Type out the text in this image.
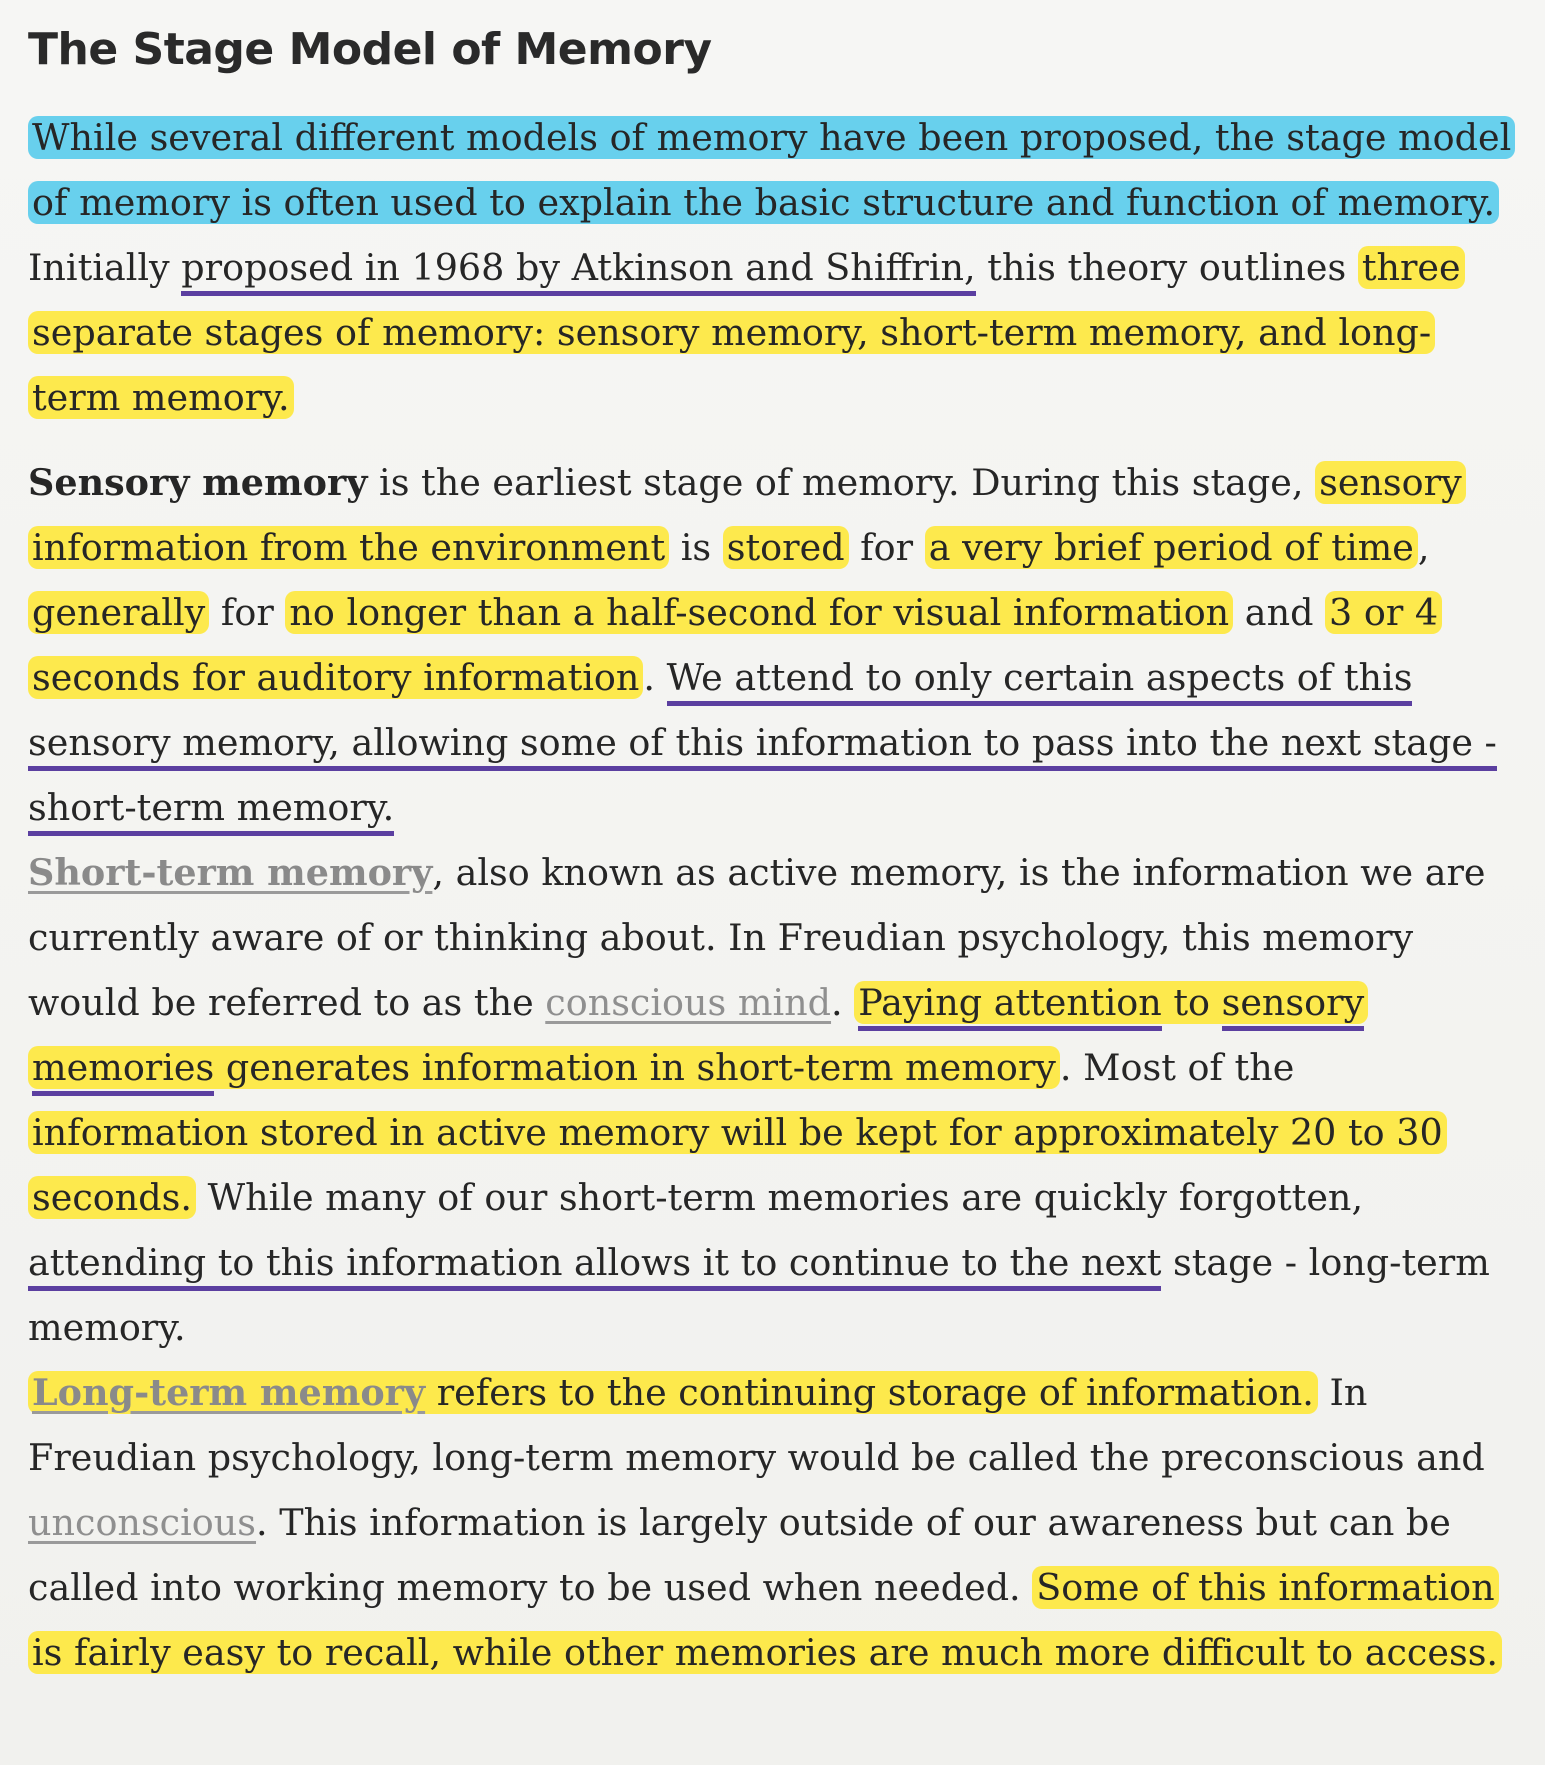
The Stage Model of Memory

While several different models of memory have been proposed, the stage model of memory is often used to explain the basic structure and function of memory. Initially proposed in 1968 by Atkinson and Shiffrin, this theory outlines three separate stages of memory: sensory memory, short-term memory, and long-term memory.

Sensory memory is the earliest stage of memory. During this stage, sensory information from the environment is stored for a very brief period of time , generally for no longer than a half-second for visual information and 3 or 4 seconds for auditory information . We attend to only certain aspects of this sensory memory, allowing some of this information to pass into the next stage - short-term memory.

Short-term memory, also known as active memory, is the information we are currently aware of or thinking about. In Freudian psychology, this memory would be referred to as the conscious mind. Paying attention to sensory memories generates information in short-term memory . Most of the information stored in active memory will be kept for approximately 20 to 30 seconds. While many of our short-term memories are quickly forgotten, attending to this information allows it to continue to the next stage - long-term memory.

Long-term memory refers to the continuing storage of information. In Freudian psychology, long-term memory would be called the preconscious and unconscious. This information is largely outside of our awareness but can be called into working memory to be used when needed. Some of this information is fairly easy to recall, while other memories are much more difficult to access.
